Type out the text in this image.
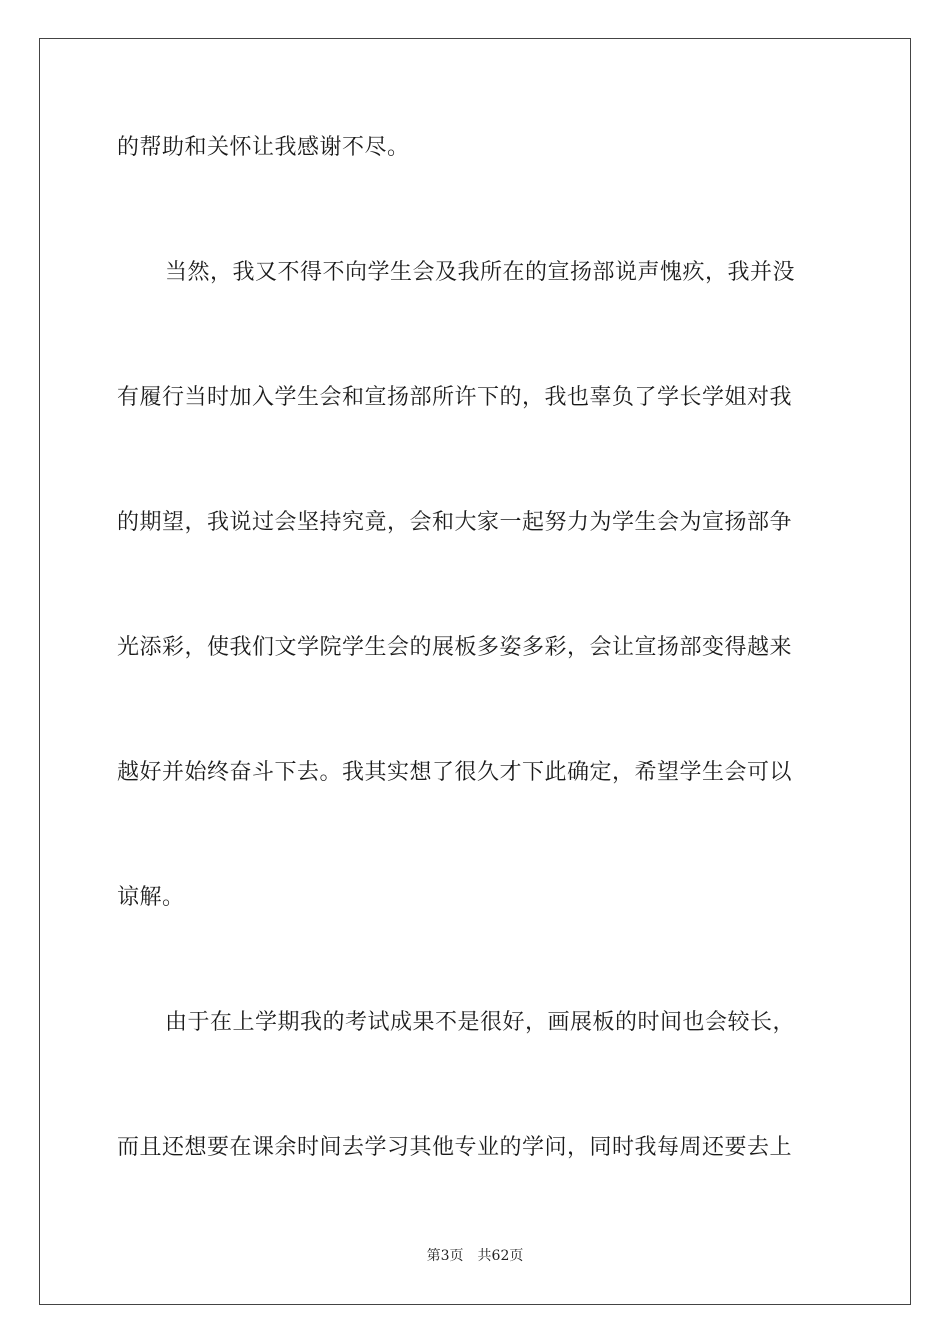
的帮助和关怀让我感谢不尽。
当然，我又不得不向学生会及我所在的宣扬部说声愧疚，我并没
有履行当时加入学生会和宣扬部所许下的，我也辜负了学长学姐对我
的期望，我说过会坚持究竟，会和大家一起努力为学生会为宣扬部争
光添彩，使我们文学院学生会的展板多姿多彩，会让宣扬部变得越来
越好并始终奋斗下去。我其实想了很久才下此确定，希望学生会可以
谅解。
由于在上学期我的考试成果不是很好，画展板的时间也会较长，
而且还想要在课余时间去学习其他专业的学问，同时我每周还要去上
第3页 共62页
